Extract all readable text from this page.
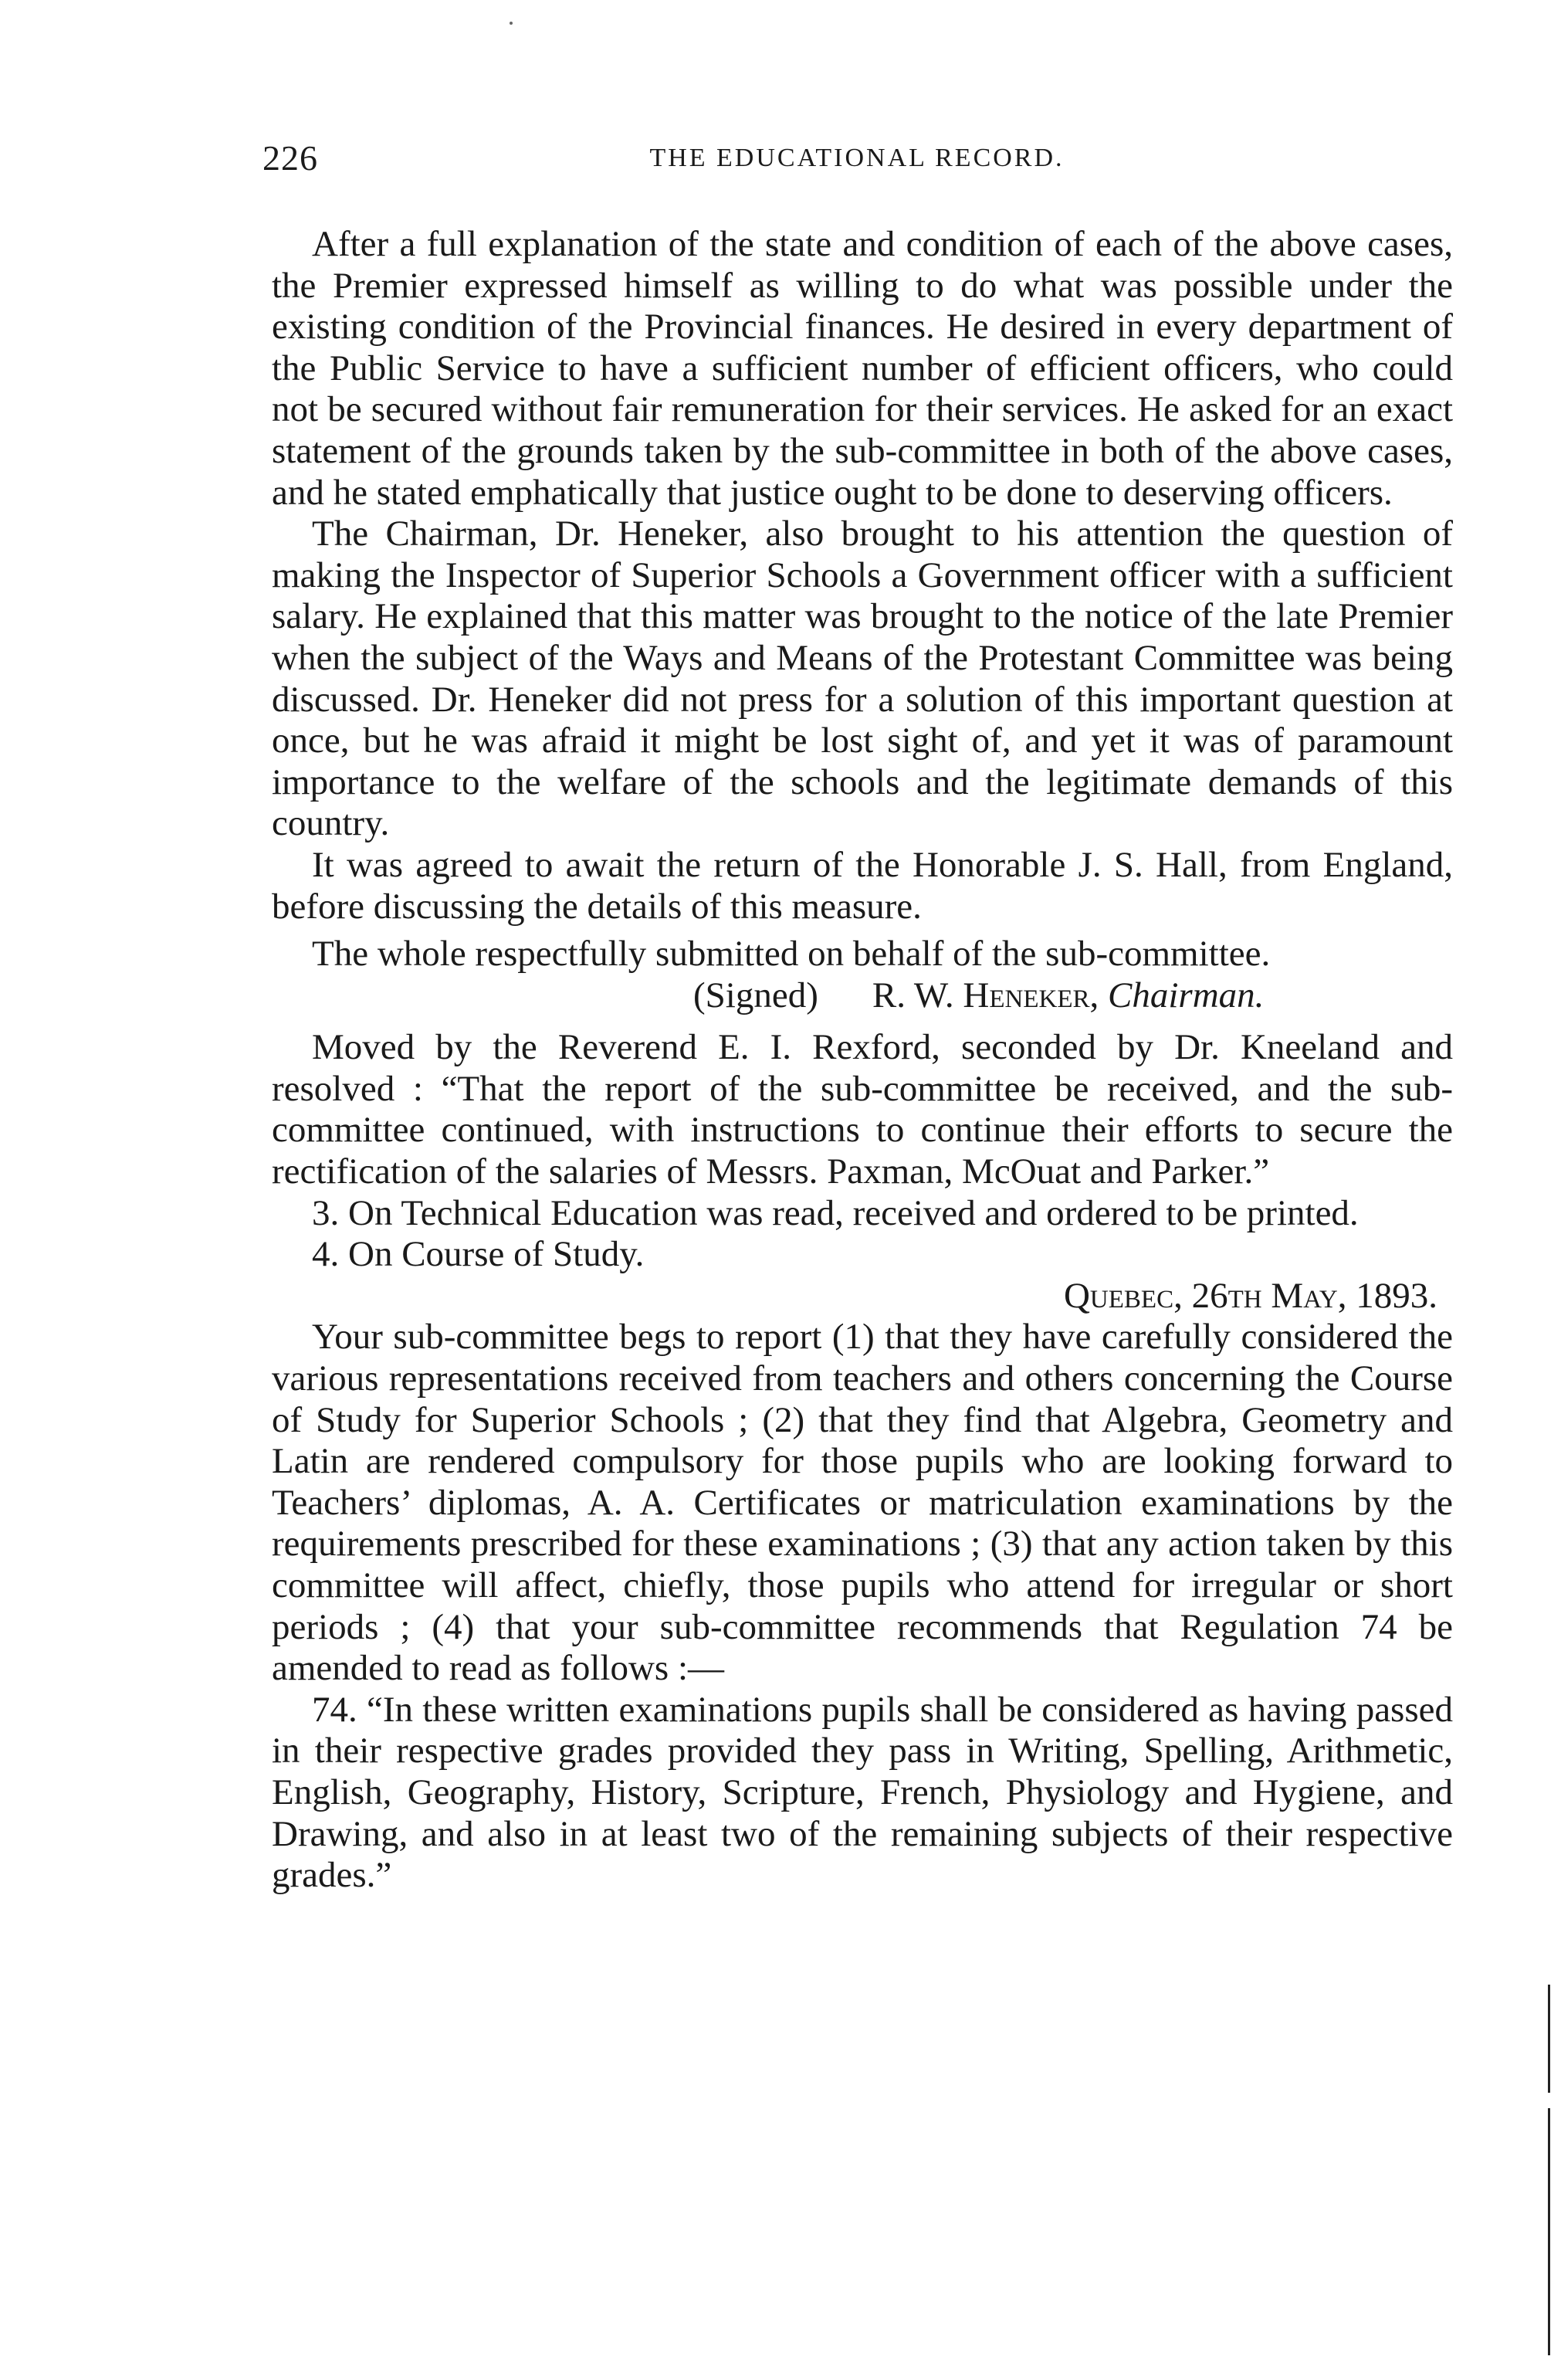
226	THE EDUCATIONAL RECORD.

After a full explanation of the state and condition of each of the above cases, the Premier expressed himself as willing to do what was possible under the existing condition of the Provincial finances. He desired in every department of the Public Service to have a sufficient number of efficient officers, who could not be secured without fair remuneration for their services. He asked for an exact statement of the grounds taken by the sub-committee in both of the above cases, and he stated emphatically that justice ought to be done to deserving officers.

The Chairman, Dr. Heneker, also brought to his attention the question of making the Inspector of Superior Schools a Government officer with a sufficient salary. He explained that this matter was brought to the notice of the late Premier when the subject of the Ways and Means of the Protestant Committee was being discussed. Dr. Heneker did not press for a solution of this important question at once, but he was afraid it might be lost sight of, and yet it was of paramount importance to the welfare of the schools and the legitimate demands of this country.

It was agreed to await the return of the Honorable J. S. Hall, from England, before discussing the details of this measure.

The whole respectfully submitted on behalf of the sub-committee.

(Signed) R. W. Heneker, Chairman.

Moved by the Reverend E. I. Rexford, seconded by Dr. Kneeland and resolved : “That the report of the sub-committee be received, and the sub-committee continued, with instructions to continue their efforts to secure the rectification of the salaries of Messrs. Paxman, McOuat and Parker.”

3. On Technical Education was read, received and ordered to be printed.

4. On Course of Study.

Quebec, 26th May, 1893.

Your sub-committee begs to report (1) that they have carefully considered the various representations received from teachers and others concerning the Course of Study for Superior Schools ; (2) that they find that Algebra, Geometry and Latin are rendered compulsory for those pupils who are looking forward to Teachers’ diplomas, A. A. Certificates or matriculation examinations by the requirements prescribed for these examinations ; (3) that any action taken by this committee will affect, chiefly, those pupils who attend for irregular or short periods ; (4) that your sub-committee recommends that Regulation 74 be amended to read as follows :—

74. “In these written examinations pupils shall be considered as having passed in their respective grades provided they pass in Writing, Spelling, Arithmetic, English, Geography, History, Scripture, French, Physiology and Hygiene, and Drawing, and also in at least two of the remaining subjects of their respective grades.”
